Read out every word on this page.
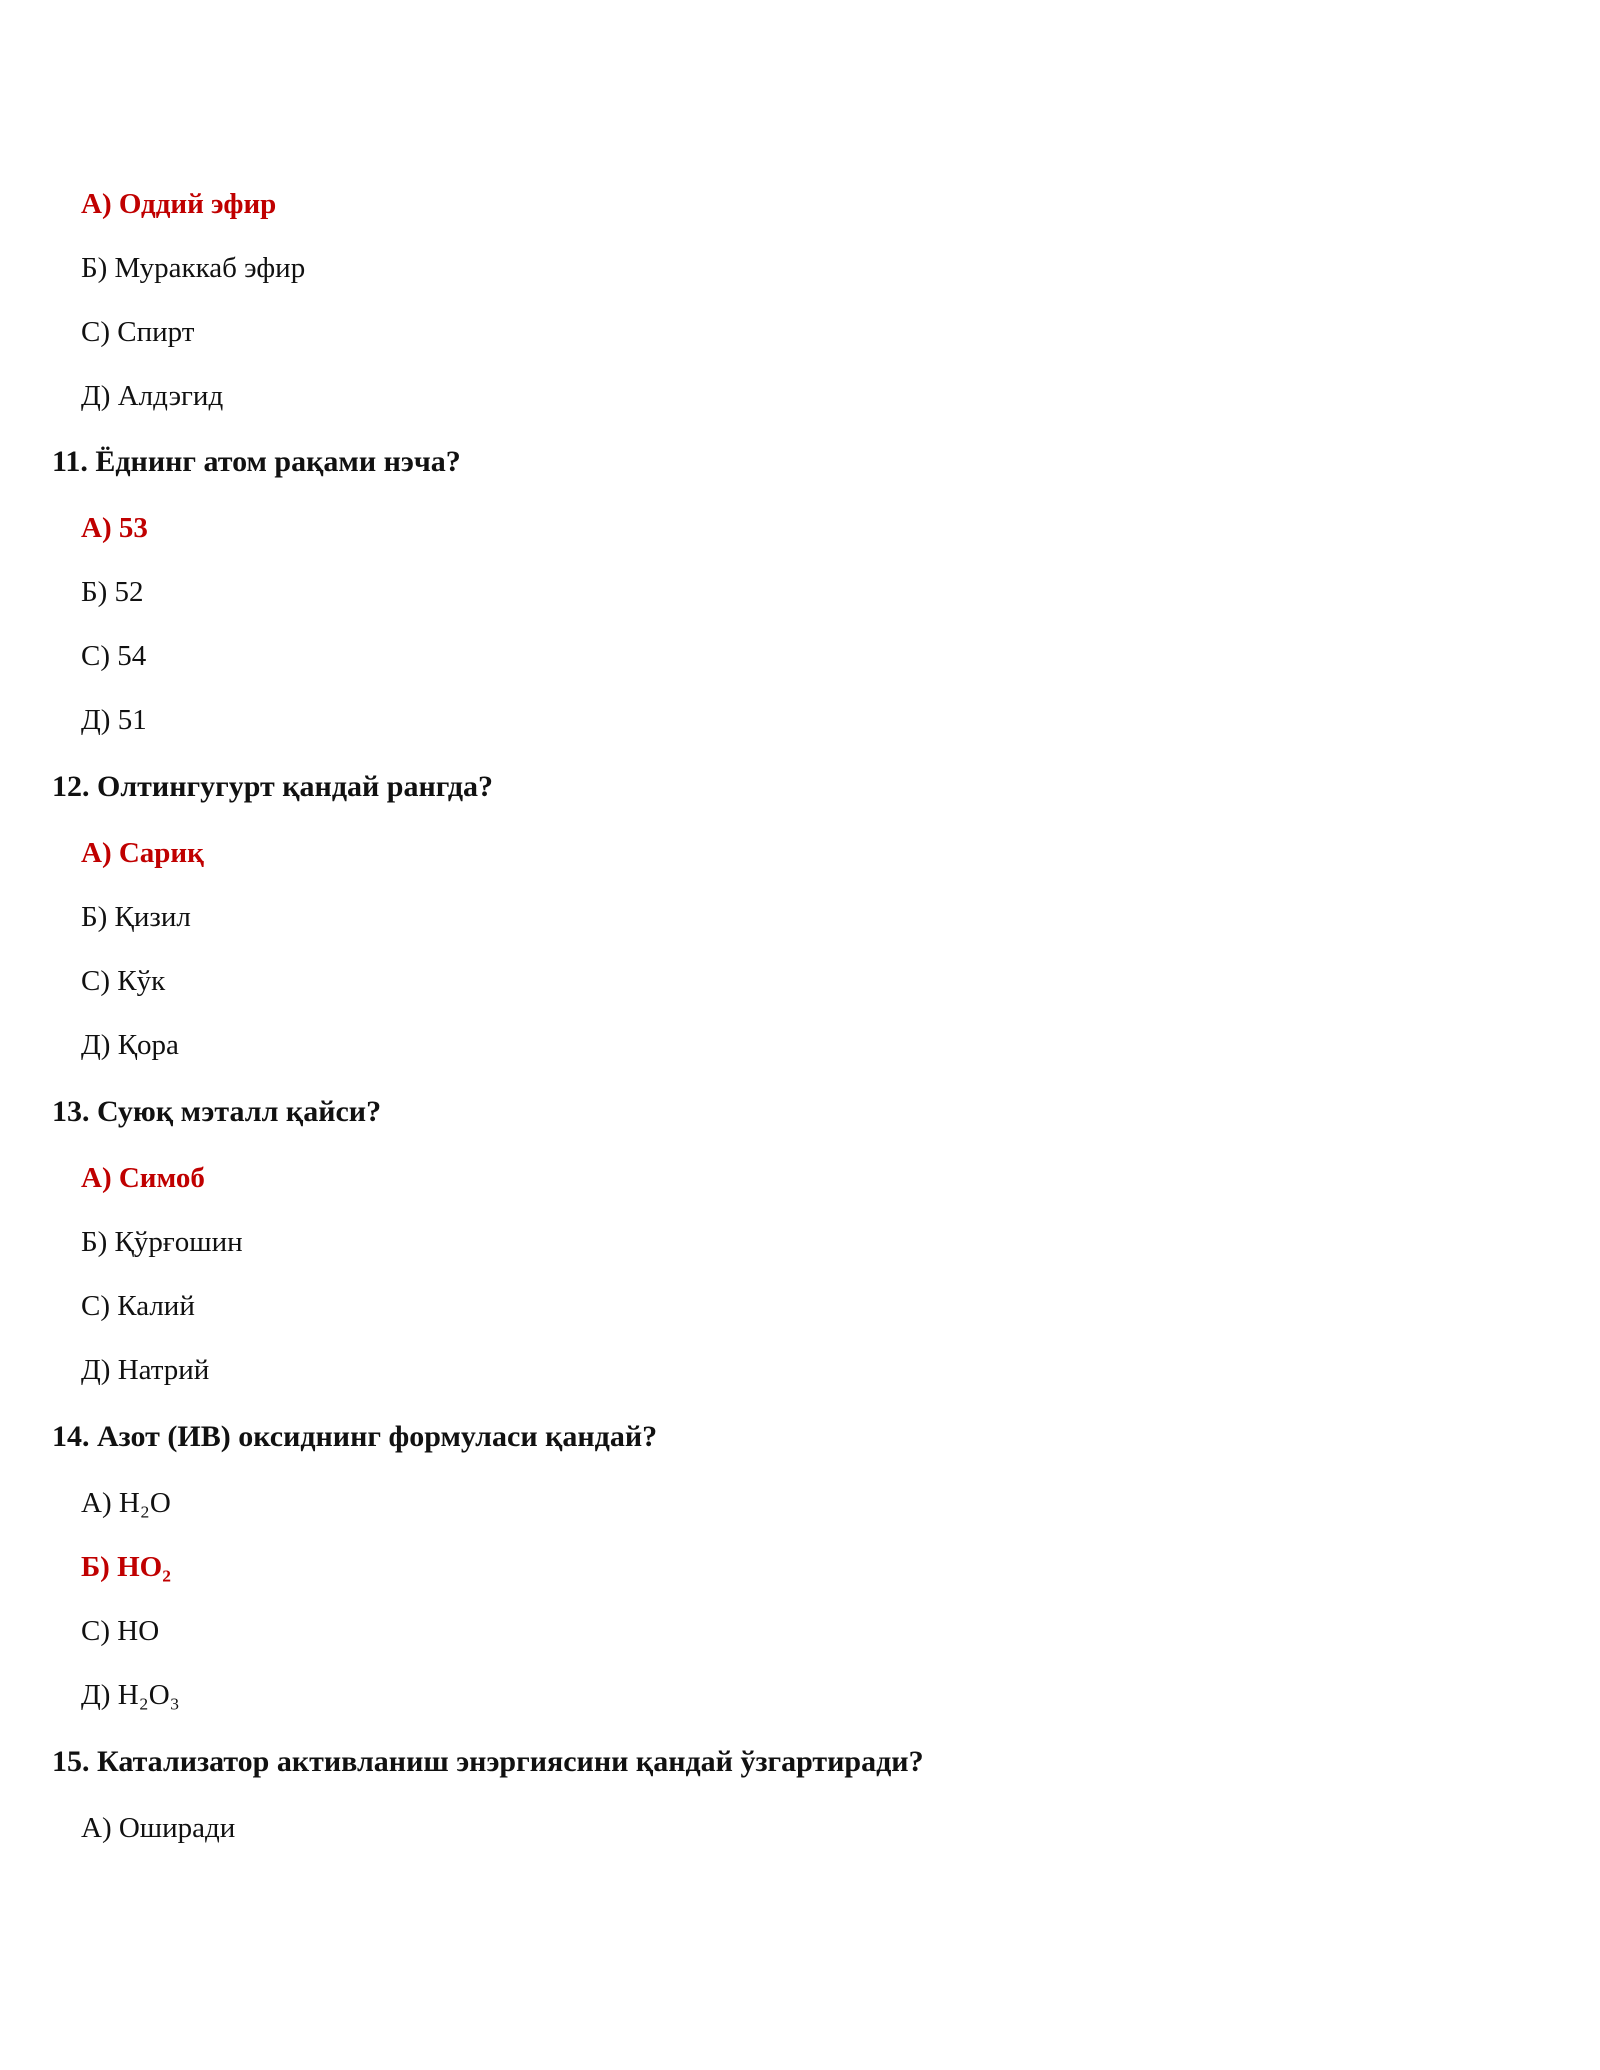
А) Оддий эфир
Б) Мураккаб эфир
С) Спирт
Д) Алдэгид
11. Ёднинг атом рақами нэча?
А) 53
Б) 52
С) 54
Д) 51
12. Олтингугурт қандай рангда?
А) Сариқ
Б) Қизил
С) Кўк
Д) Қора
13. Суюқ мэталл қайси?
А) Симоб
Б) Қўрғошин
С) Калий
Д) Натрий
14. Азот (ИВ) оксиднинг формуласи қандай?
А) H₂O
Б) HO₂
С) HO
Д) H₂O₃
15. Катализатор активланиш энэргиясини қандай ўзгартиради?
А) Оширади
